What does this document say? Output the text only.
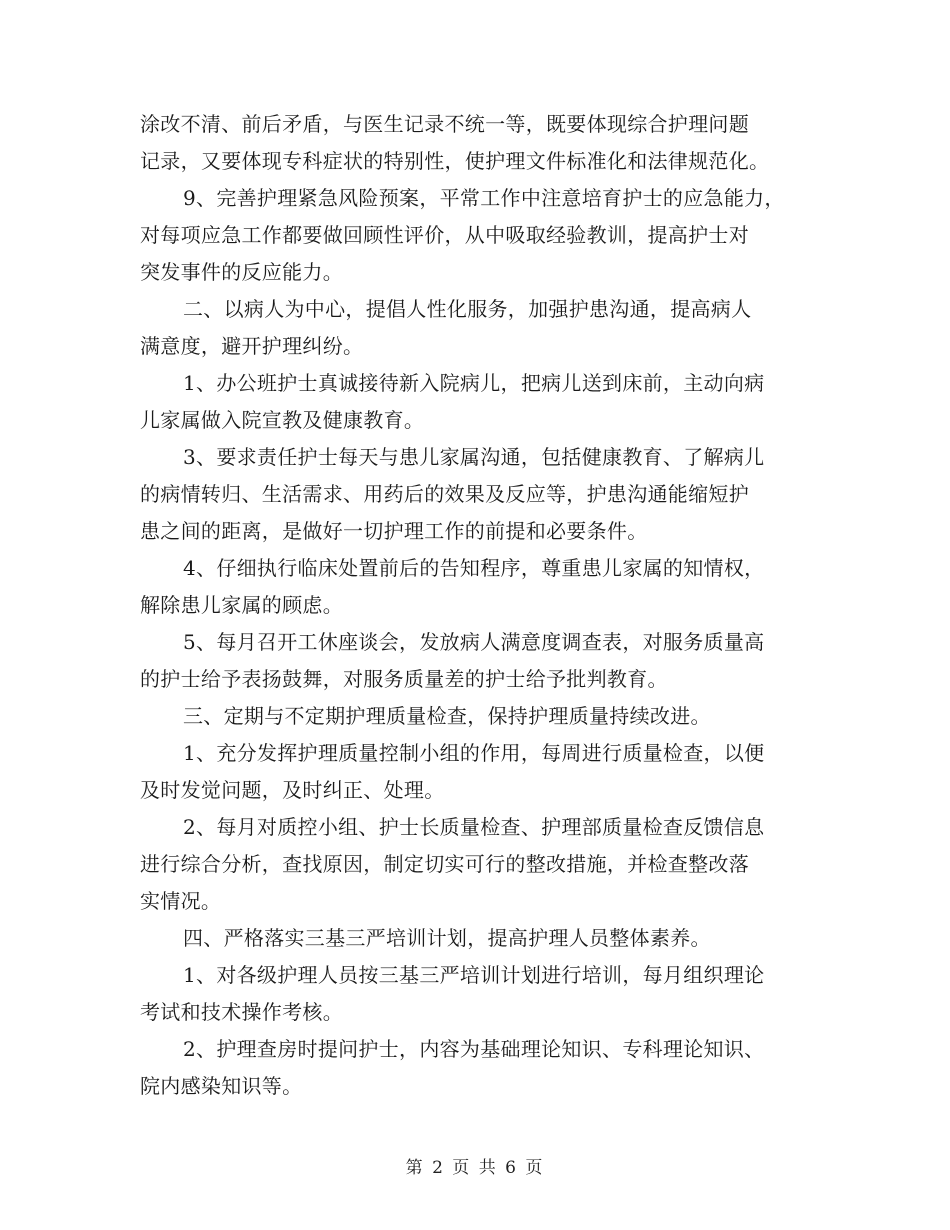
涂改不清、前后矛盾，与医生记录不统一等，既要体现综合护理问题
记录，又要体现专科症状的特别性，使护理文件标准化和法律规范化。
9、完善护理紧急风险预案，平常工作中注意培育护士的应急能力，
对每项应急工作都要做回顾性评价，从中吸取经验教训，提高护士对
突发事件的反应能力。
二、以病人为中心，提倡人性化服务，加强护患沟通，提高病人
满意度，避开护理纠纷。
1、办公班护士真诚接待新入院病儿，把病儿送到床前，主动向病
儿家属做入院宣教及健康教育。
3、要求责任护士每天与患儿家属沟通，包括健康教育、了解病儿
的病情转归、生活需求、用药后的效果及反应等，护患沟通能缩短护
患之间的距离，是做好一切护理工作的前提和必要条件。
4、仔细执行临床处置前后的告知程序，尊重患儿家属的知情权，
解除患儿家属的顾虑。
5、每月召开工休座谈会，发放病人满意度调查表，对服务质量高
的护士给予表扬鼓舞，对服务质量差的护士给予批判教育。
三、定期与不定期护理质量检查，保持护理质量持续改进。
1、充分发挥护理质量控制小组的作用，每周进行质量检查，以便
及时发觉问题，及时纠正、处理。
2、每月对质控小组、护士长质量检查、护理部质量检查反馈信息
进行综合分析，查找原因，制定切实可行的整改措施，并检查整改落
实情况。
四、严格落实三基三严培训计划，提高护理人员整体素养。
1、对各级护理人员按三基三严培训计划进行培训，每月组织理论
考试和技术操作考核。
2、护理查房时提问护士，内容为基础理论知识、专科理论知识、
院内感染知识等。
第 2 页 共 6 页
